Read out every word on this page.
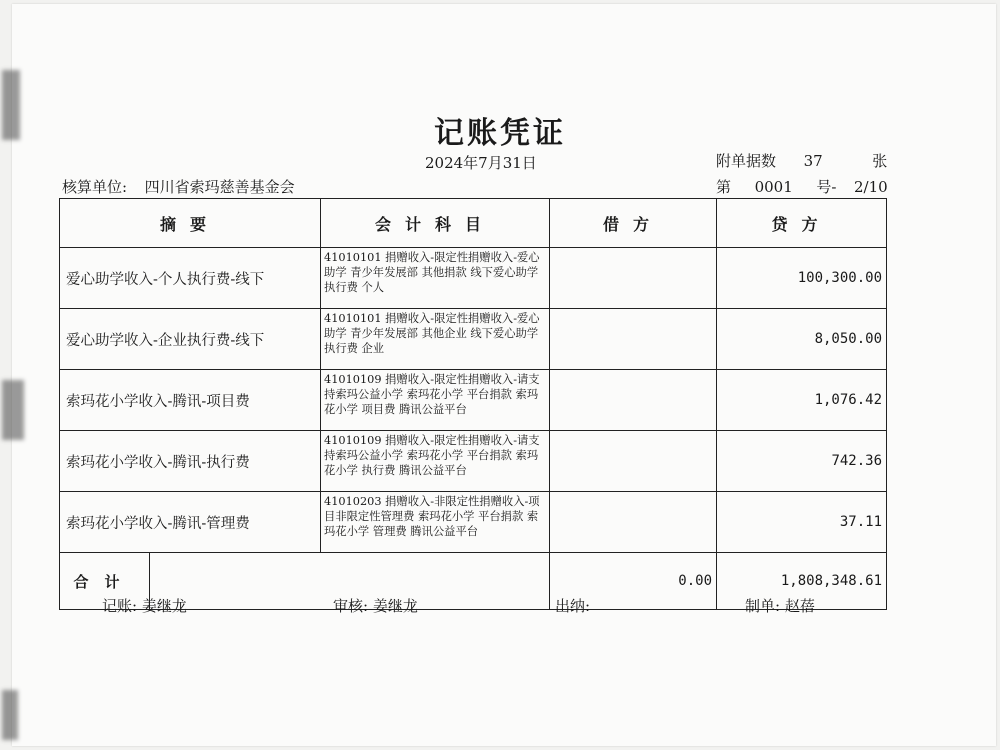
记账凭证
2024年7月31日	附单据数 37	张
核算单位: 四川省索玛慈善基金会	第 0001 号- 2/10
摘要		会计科目	借方	贷方
爱心助学收入-个人执行费-线下		41010101 捐赠收入-限定性捐赠收入-爱心助学 青少年发展部 其他捐款 线下爱心助学 执行费 个人		100,300.00
爱心助学收入-企业执行费-线下		41010101 捐赠收入-限定性捐赠收入-爱心助学 青少年发展部 其他企业 线下爱心助学 执行费 企业		8,050.00
索玛花小学收入-腾讯-项目费		41010109 捐赠收入-限定性捐赠收入-请支持索玛公益小学 索玛花小学 平台捐款 索玛花小学 项目费 腾讯公益平台		1,076.42
索玛花小学收入-腾讯-执行费		41010109 捐赠收入-限定性捐赠收入-请支持索玛公益小学 索玛花小学 平台捐款 索玛花小学 执行费 腾讯公益平台		742.36
索玛花小学收入-腾讯-管理费		41010203 捐赠收入-非限定性捐赠收入-项目非限定性管理费 索玛花小学 平台捐款 索玛花小学 管理费 腾讯公益平台		37.11
合计			0.00	1,808,348.61
记账: 姜继龙	审核: 姜继龙	出纳:	制单: 赵蓓
